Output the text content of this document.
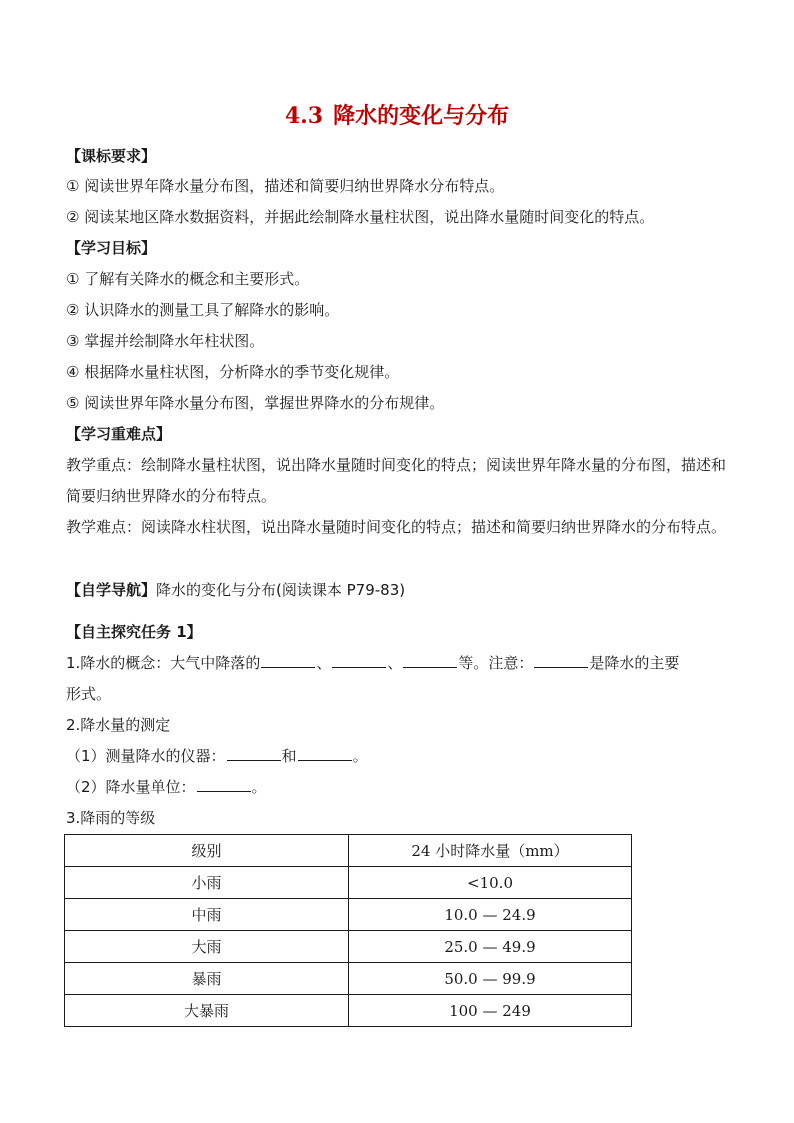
4.3 降水的变化与分布
【课标要求】
① 阅读世界年降水量分布图，描述和简要归纳世界降水分布特点。
② 阅读某地区降水数据资料，并据此绘制降水量柱状图，说出降水量随时间变化的特点。
【学习目标】
① 了解有关降水的概念和主要形式。
② 认识降水的测量工具了解降水的影响。
③ 掌握并绘制降水年柱状图。
④ 根据降水量柱状图，分析降水的季节变化规律。
⑤ 阅读世界年降水量分布图，掌握世界降水的分布规律。
【学习重难点】
教学重点：绘制降水量柱状图，说出降水量随时间变化的特点；阅读世界年降水量的分布图，描述和简要归纳世界降水的分布特点。
教学难点：阅读降水柱状图，说出降水量随时间变化的特点；描述和简要归纳世界降水的分布特点。
【自学导航】降水的变化与分布(阅读课本 P79-83)
【自主探究任务 1】
1.降水的概念：大气中降落的	、	、	等。注意：	是降水的主要
形式。
2.降水量的测定
（1）测量降水的仪器：	和	。
（2）降水量单位：	。
3.降雨的等级
级别	24 小时降水量（mm）
小雨	<10.0
中雨	10.0 — 24.9
大雨	25.0 — 49.9
暴雨	50.0 — 99.9
大暴雨	100 — 249
